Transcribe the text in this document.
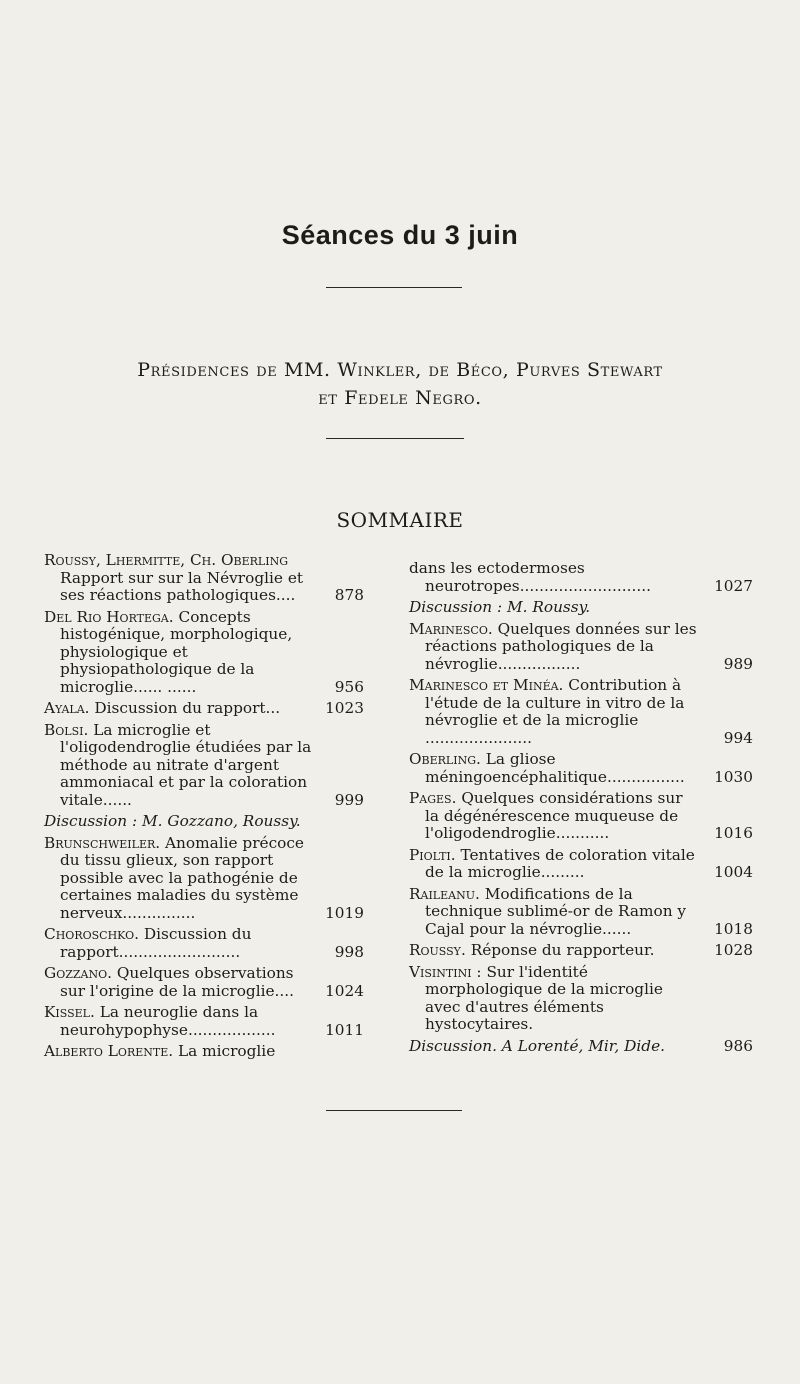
Séances du 3 juin
Présidences de MM. Winkler, de Béco, Purves Stewart
et Fedele Negro.
SOMMAIRE
Roussy, Lhermitte, Ch. Oberling
Rapport sur sur la Névroglie et ses réactions pathologiques....	878
Del Rio Hortega. Concepts histogénique, morphologique, physiologique et physiopathologique de la microglie...... ......	956
Ayala. Discussion du rapport...	1023
Bolsi. La microglie et l'oligodendroglie étudiées par la méthode au nitrate d'argent ammoniacal et par la coloration vitale......	999
Discussion : M. Gozzano, Roussy.
Brunschweiler. Anomalie précoce du tissu glieux, son rapport possible avec la pathogénie de certaines maladies du système nerveux...............	1019
Choroschko. Discussion du rapport.........................	998
Gozzano. Quelques observations sur l'origine de la microglie.... 1024
Kissel. La neuroglie dans la neurohypophyse..................	1011
Alberto Lorente. La microglie
dans les ectodermoses neurotropes...........................	1027
Discussion : M. Roussy.
Marinesco. Quelques données sur les réactions pathologiques de la névroglie.................	989
Marinesco et Minéa. Contribution à l'étude de la culture in vitro de la névroglie et de la microglie ......................	994
Oberling. La gliose méningoencéphalitique................ 1030
Pages. Quelques considérations sur la dégénérescence muqueuse de l'oligodendroglie...........	1016
Piolti. Tentatives de coloration vitale de la microglie.........	1004
Raileanu. Modifications de la technique sublimé-or de Ramon y Cajal pour la névroglie......	1018
Roussy. Réponse du rapporteur.	1028
Visintini : Sur l'identité morphologique de la microglie avec d'autres éléments hystocytaires.
Discussion. A Lorenté, Mir, Dide.	986
